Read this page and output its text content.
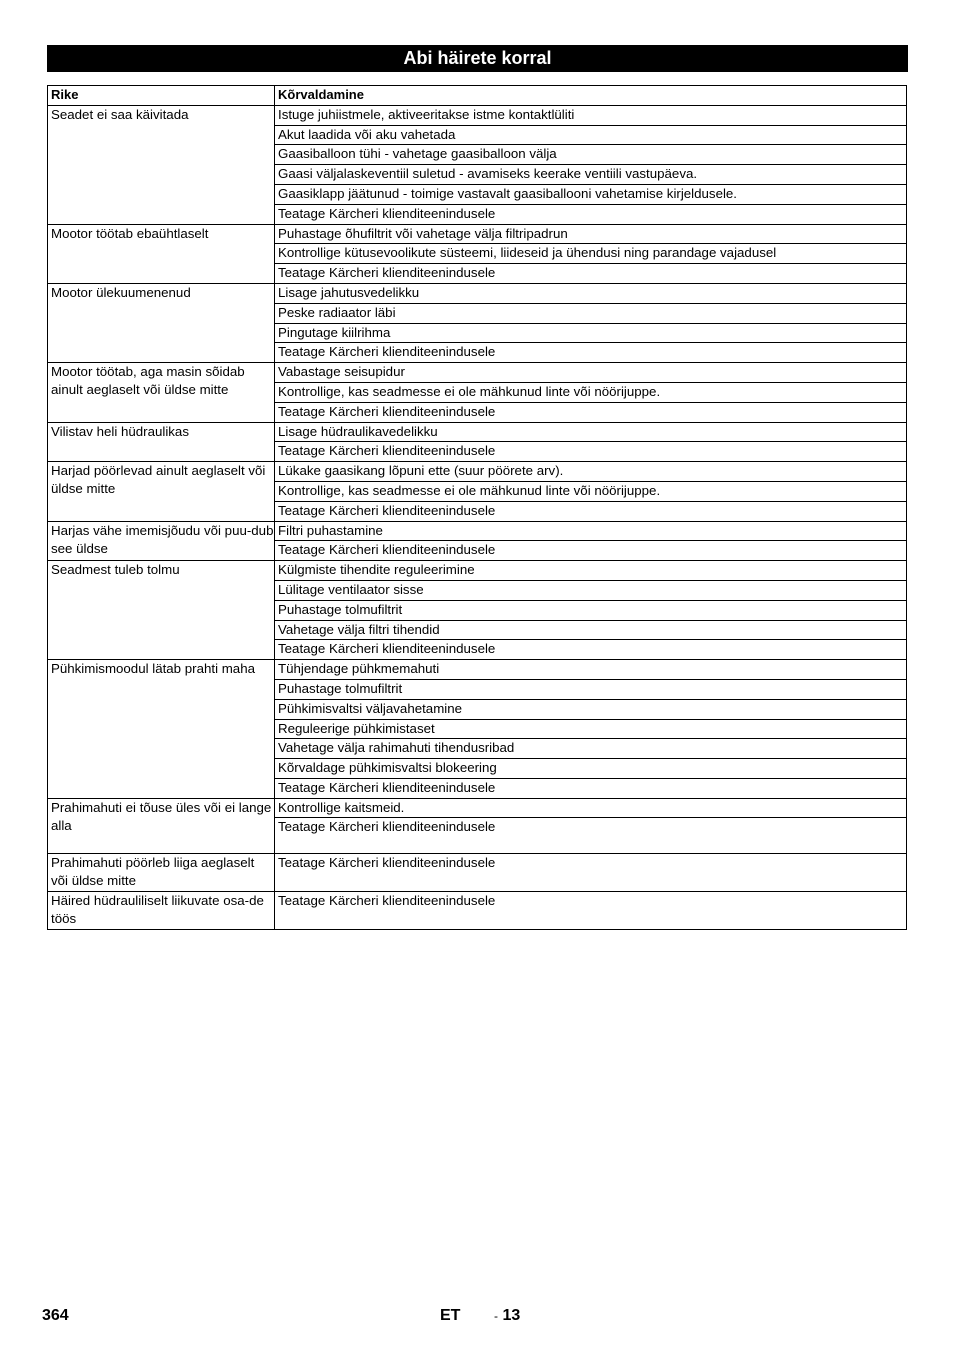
Abi häirete korral
Rike	Kõrvaldamine
Seadet ei saa käivitada	Istuge juhiistmele, aktiveeritakse istme kontaktlüliti
	Akut laadida või aku vahetada
	Gaasiballoon tühi - vahetage gaasiballoon välja
	Gaasi väljalaskeventiil suletud - avamiseks keerake ventiili vastupäeva.
	Gaasiklapp jäätunud - toimige vastavalt gaasiballooni vahetamise kirjeldusele.
	Teatage Kärcheri klienditeenindusele
Mootor töötab ebaühtlaselt	Puhastage õhufiltrit või vahetage välja filtripadrun
	Kontrollige kütusevoolikute süsteemi, liideseid ja ühendusi ning parandage vajadusel
	Teatage Kärcheri klienditeenindusele
Mootor ülekuumenenud	Lisage jahutusvedelikku
	Peske radiaator läbi
	Pingutage kiilrihma
	Teatage Kärcheri klienditeenindusele
Mootor töötab, aga masin sõidab ainult aeglaselt või üldse mitte	Vabastage seisupidur
	Kontrollige, kas seadmesse ei ole mähkunud linte või nöörijuppe.
	Teatage Kärcheri klienditeenindusele
Vilistav heli hüdraulikas	Lisage hüdraulikavedelikku
	Teatage Kärcheri klienditeenindusele
Harjad pöörlevad ainult aeglaselt või üldse mitte	Lükake gaasikang lõpuni ette (suur pöörete arv).
	Kontrollige, kas seadmesse ei ole mähkunud linte või nöörijuppe.
	Teatage Kärcheri klienditeenindusele
Harjas vähe imemisjõudu või puu-dub see üldse	Filtri puhastamine
	Teatage Kärcheri klienditeenindusele
Seadmest tuleb tolmu	Külgmiste tihendite reguleerimine
	Lülitage ventilaator sisse
	Puhastage tolmufiltrit
	Vahetage välja filtri tihendid
	Teatage Kärcheri klienditeenindusele
Pühkimismoodul lätab prahti maha	Tühjendage pühkmemahuti
	Puhastage tolmufiltrit
	Pühkimisvaltsi väljavahetamine
	Reguleerige pühkimistaset
	Vahetage välja rahimahuti tihendusribad
	Kõrvaldage pühkimisvaltsi blokeering
	Teatage Kärcheri klienditeenindusele
Prahimahuti ei tõuse üles või ei lange alla	Kontrollige kaitsmeid.
	Teatage Kärcheri klienditeenindusele
Prahimahuti pöörleb liiga aeglaselt või üldse mitte	Teatage Kärcheri klienditeenindusele
Häired hüdrauliliselt liikuvate osa-de töös	Teatage Kärcheri klienditeenindusele
364	ET	- 13
